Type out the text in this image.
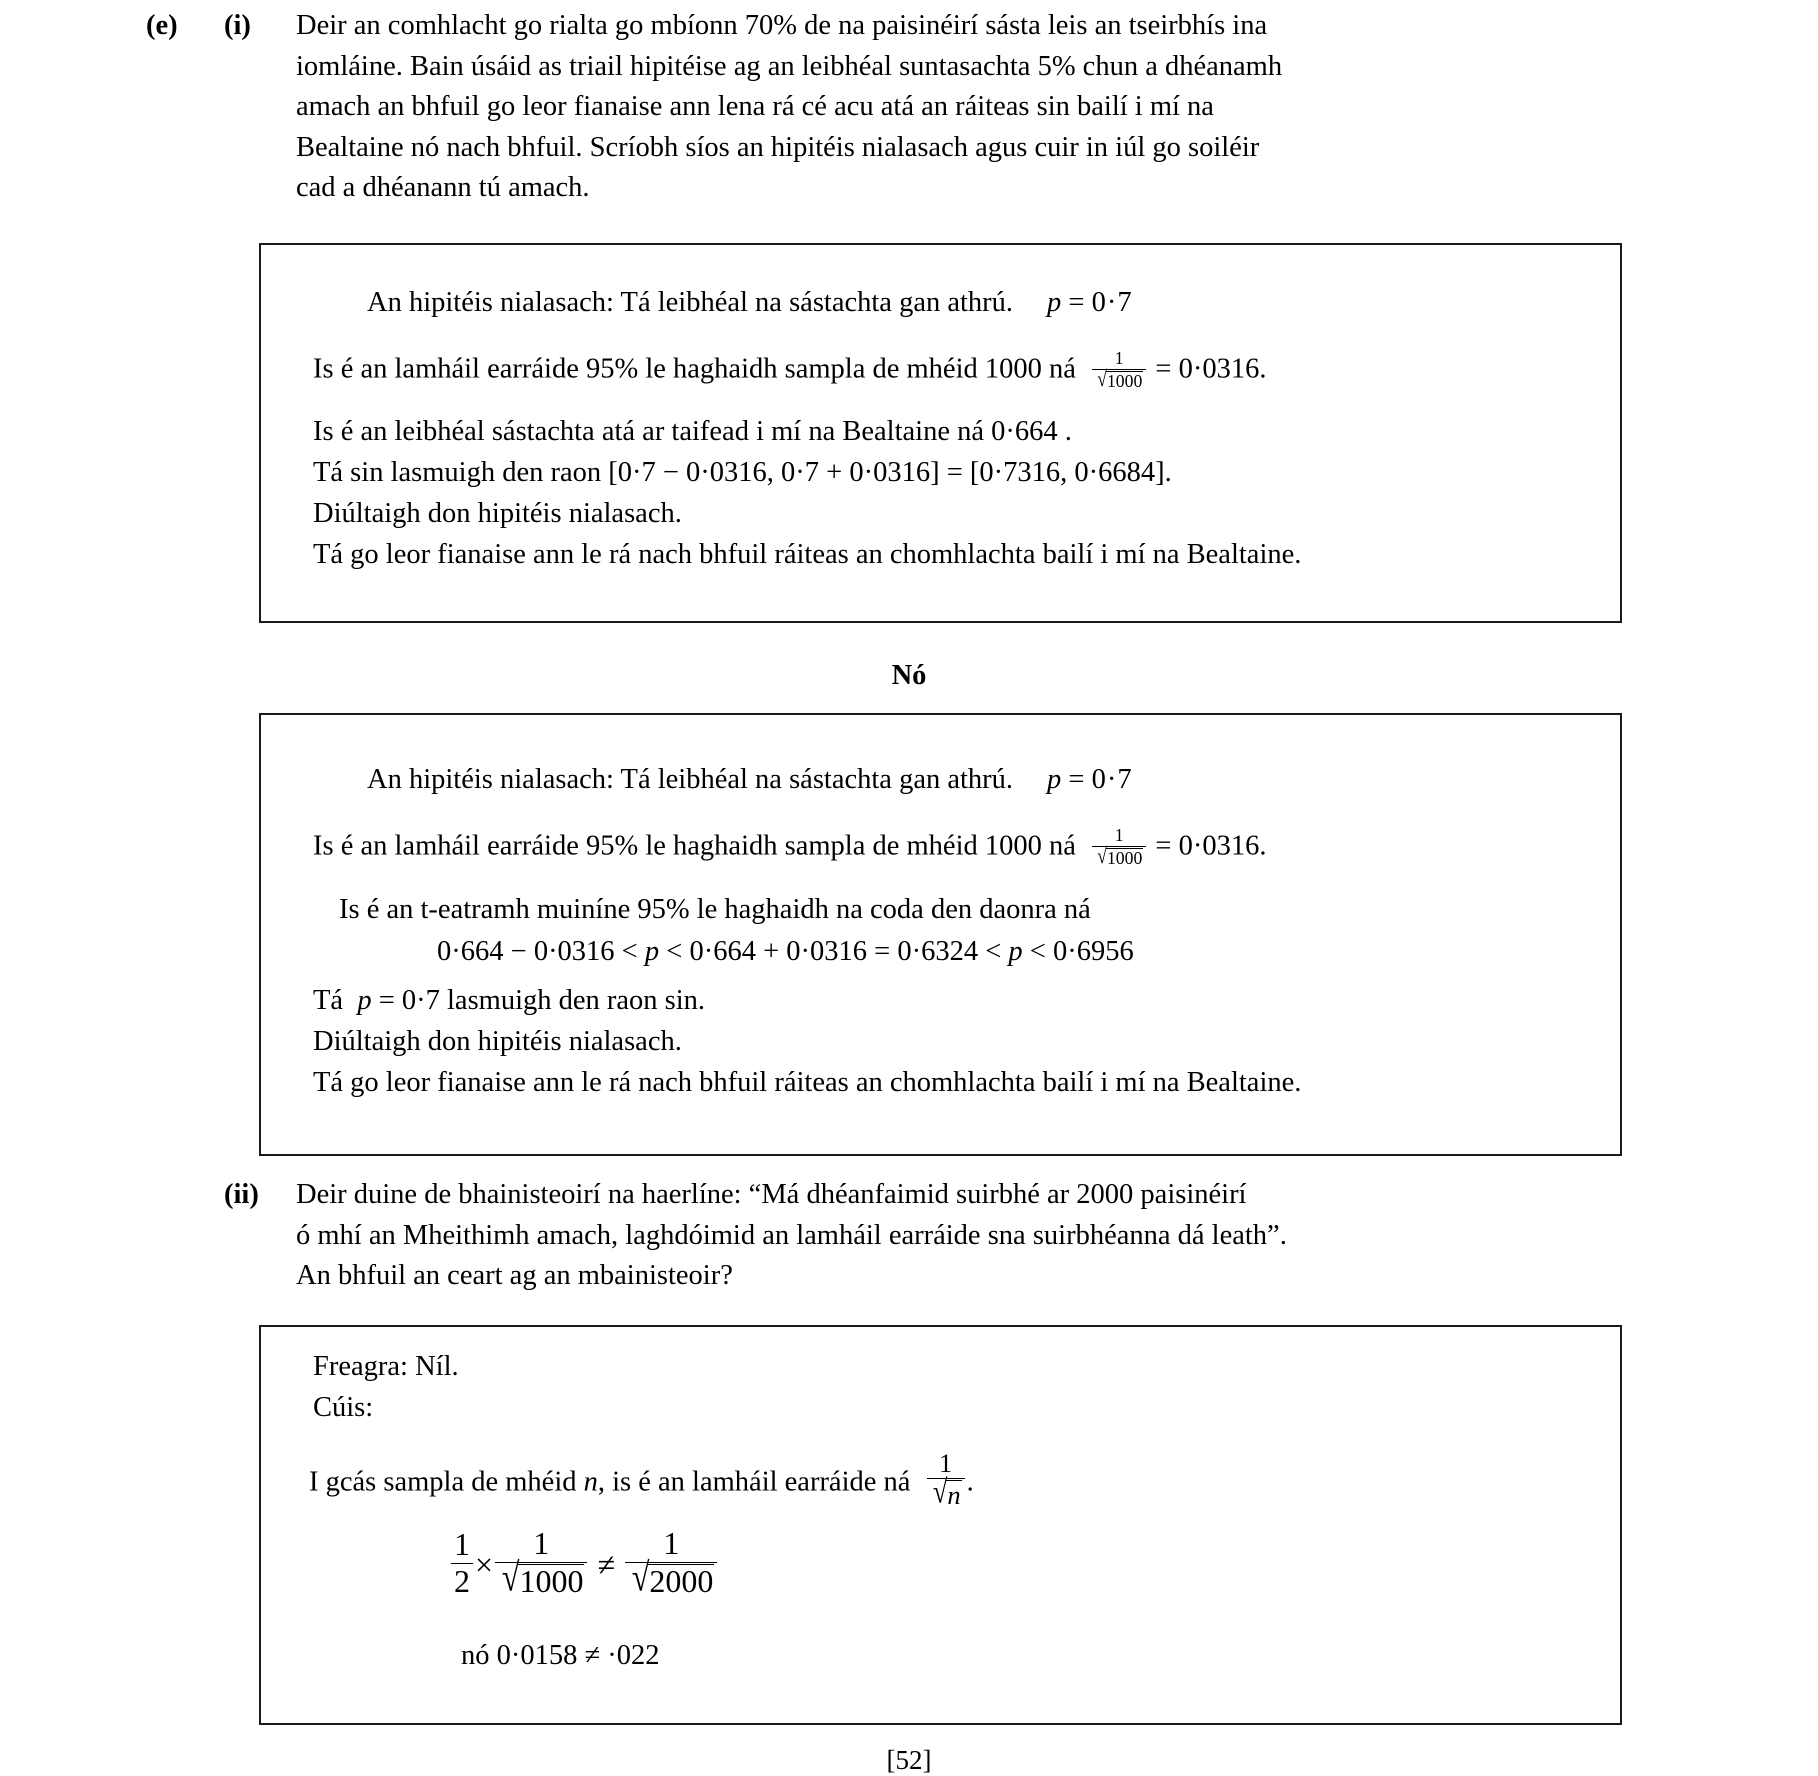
(e)	(i)	Deir an comhlacht go rialta go mbíonn 70% de na paisinéirí sásta leis an tseirbhís ina
iomláine. Bain úsáid as triail hipitéise ag an leibhéal suntasachta 5% chun a dhéanamh
amach an bhfuil go leor fianaise ann lena rá cé acu atá an ráiteas sin bailí i mí na
Bealtaine nó nach bhfuil. Scríobh síos an hipitéis nialasach agus cuir in iúl go soiléir
cad a dhéanann tú amach.
An hipitéis nialasach: Tá leibhéal na sástachta gan athrú. p = 0·7
Is é an lamháil earráide 95% le haghaidh sampla de mhéid 1000 ná $\frac{1}{√1000} = 0\cdot 0316$.
Is é an leibhéal sástachta atá ar taifead i mí na Bealtaine ná 0·664 .
Tá sin lasmuigh den raon [0·7 − 0·0316, 0·7 + 0·0316] = [0·7316, 0·6684].
Diúltaigh don hipitéis nialasach.
Tá go leor fianaise ann le rá nach bhfuil ráiteas an chomhlachta bailí i mí na Bealtaine.
Nó
An hipitéis nialasach: Tá leibhéal na sástachta gan athrú. p = 0·7
Is é an lamháil earráide 95% le haghaidh sampla de mhéid 1000 ná $\frac{1}{√1000} = 0\cdot 0316$.
Is é an t-eatramh muiníne 95% le haghaidh na coda den daonra ná
0·664 − 0·0316 < p < 0·664 + 0·0316 = 0·6324 < p < 0·6956
Tá p = 0·7 lasmuigh den raon sin.
Diúltaigh don hipitéis nialasach.
Tá go leor fianaise ann le rá nach bhfuil ráiteas an chomhlachta bailí i mí na Bealtaine.
(ii)	Deir duine de bhainisteoirí na haerlíne: “Má dhéanfaimid suirbhé ar 2000 paisinéirí
ó mhí an Mheithimh amach, laghdóimid an lamháil earráide sna suirbhéanna dá leath”.
An bhfuil an ceart ag an mbainisteoir?
Freagra: Níl.
Cúis:
I gcás sampla de mhéid n, is é an lamháil earráide ná $\frac{1}{√n}$ .
$\frac{1}{2} \times \frac{1}{√1000} \ne \frac{1}{√2000}$
nó 0·0158 ≠ ·022
[52]
